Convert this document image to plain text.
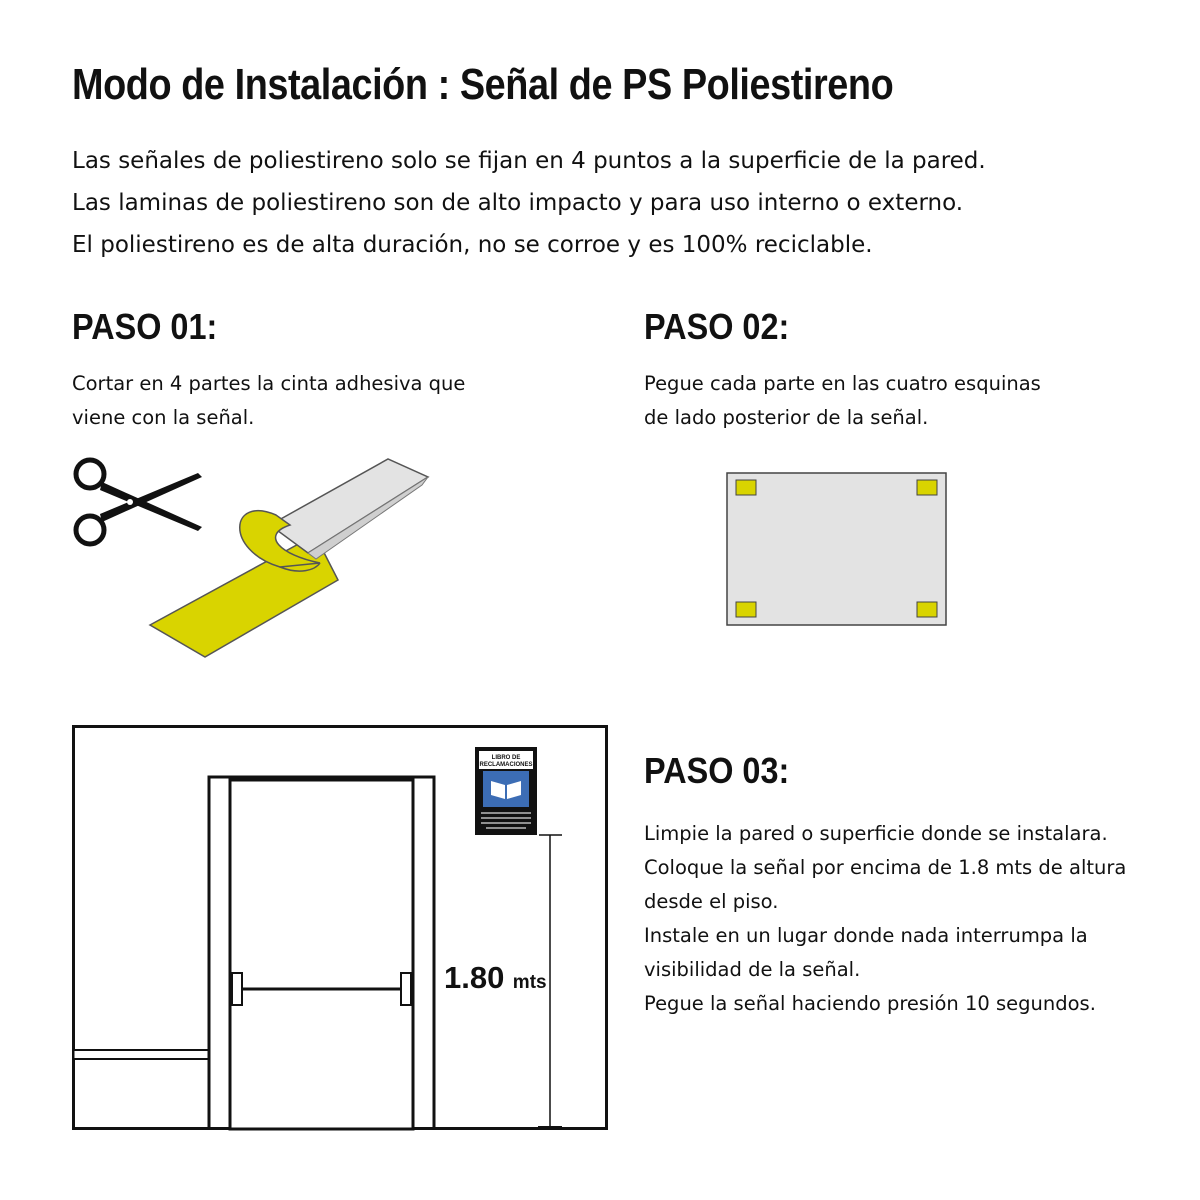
Modo de Instalación : Señal de PS Poliestireno

Las señales de poliestireno solo se fijan en 4 puntos a la superficie de la pared.

Las laminas de poliestireno son de alto impacto y para uso interno o externo.

El poliestireno es de alta duración, no se corroe y es 100% reciclable.

PASO 01:

Cortar en 4 partes la cinta adhesiva que

viene con la señal.

PASO 02:

Pegue cada parte en las cuatro esquinas

de lado posterior de la señal.

LIBRO DE
RECLAMACIONES
1.80 mts
PASO 03:

Limpie la pared o superficie donde se instalara.

Coloque la señal por encima de 1.8 mts de altura

desde el piso.

Instale en un lugar donde nada interrumpa la

visibilidad de la señal.

Pegue la señal haciendo presión 10 segundos.
